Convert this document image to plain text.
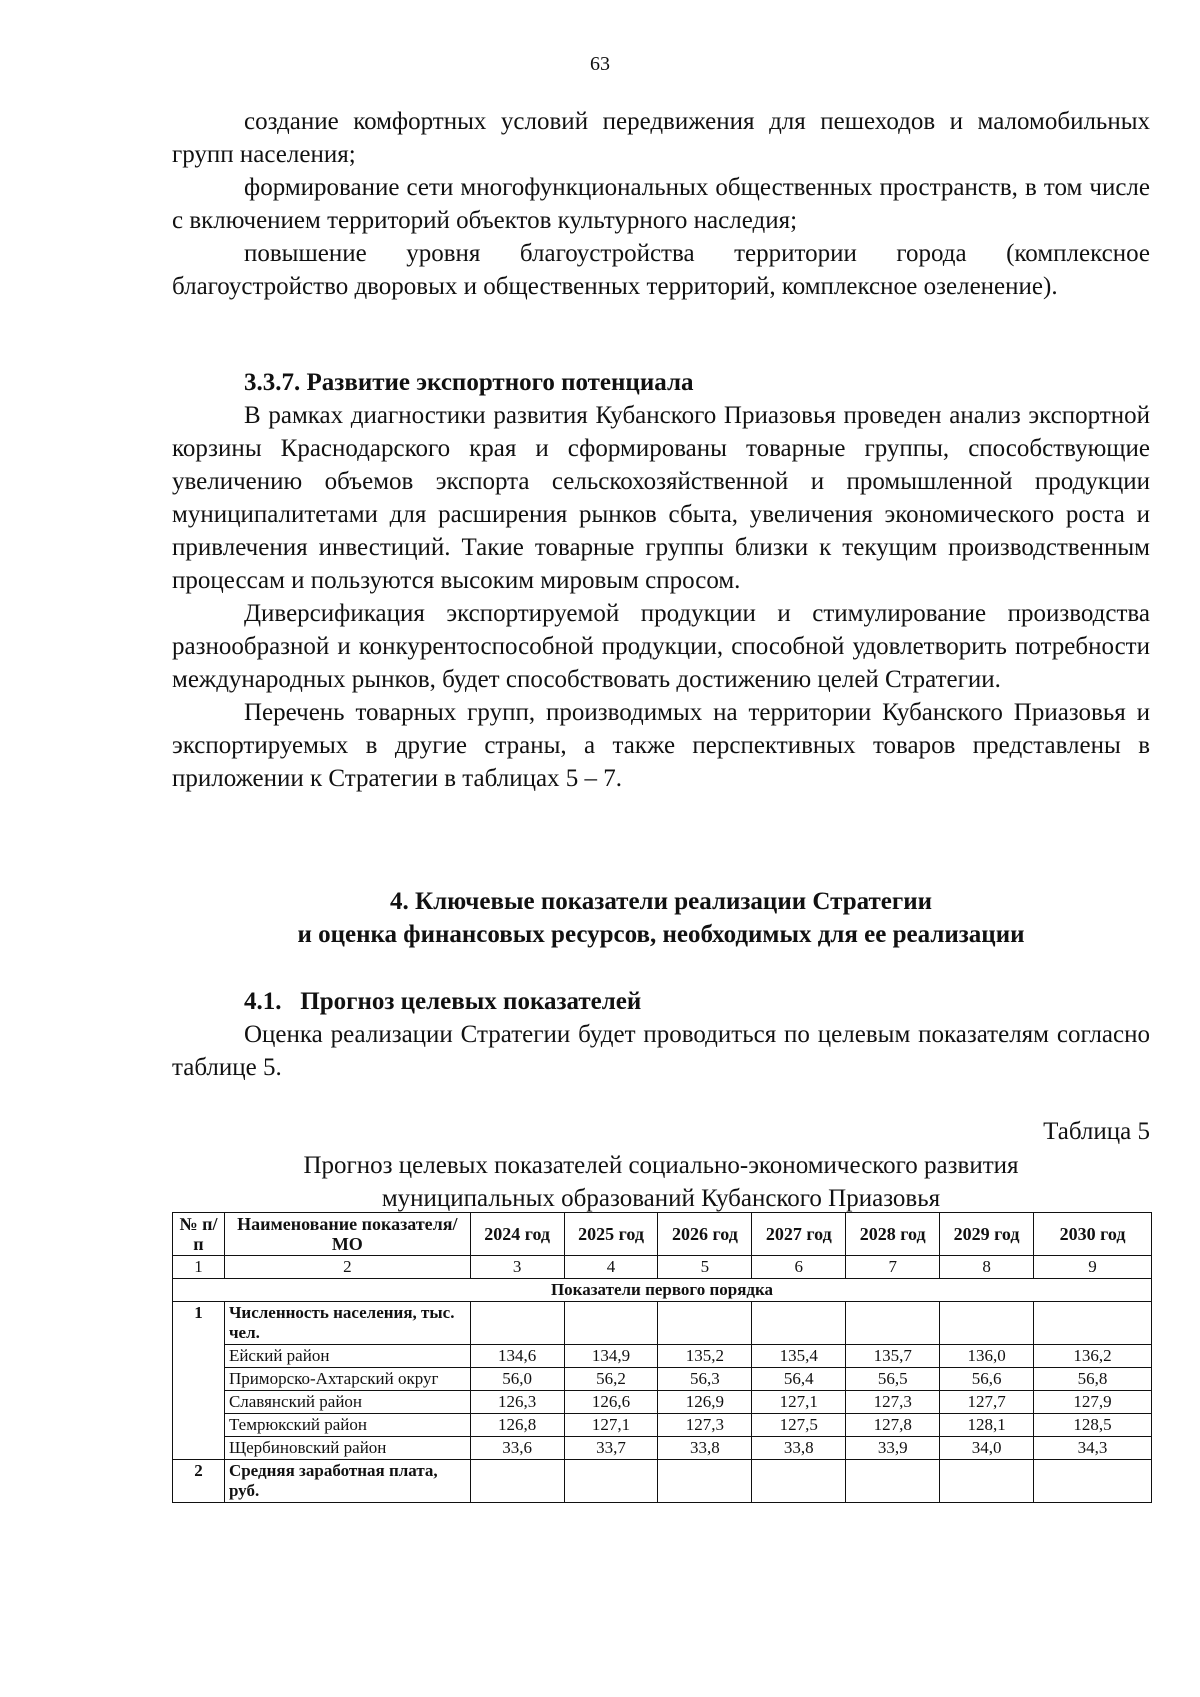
63

создание комфортных условий передвижения для пешеходов и маломобильных групп населения;

формирование сети многофункциональных общественных пространств, в том числе с включением территорий объектов культурного наследия;

повышение уровня благоустройства территории города (комплексное благоустройство дворовых и общественных территорий, комплексное озеленение).

3.3.7. Развитие экспортного потенциала

В рамках диагностики развития Кубанского Приазовья проведен анализ экспортной корзины Краснодарского края и сформированы товарные группы, способствующие увеличению объемов экспорта сельскохозяйственной и промышленной продукции муниципалитетами для расширения рынков сбыта, увеличения экономического роста и привлечения инвестиций. Такие товарные группы близки к текущим производственным процессам и пользуются высоким мировым спросом.

Диверсификация экспортируемой продукции и стимулирование производства разнообразной и конкурентоспособной продукции, способной удовлетворить потребности международных рынков, будет способствовать достижению целей Стратегии.

Перечень товарных групп, производимых на территории Кубанского Приазовья и экспортируемых в другие страны, а также перспективных товаров представлены в приложении к Стратегии в таблицах 5 – 7.

4. Ключевые показатели реализации Стратегии

и оценка финансовых ресурсов, необходимых для ее реализации

4.1.   Прогноз целевых показателей

Оценка реализации Стратегии будет проводиться по целевым показателям согласно таблице 5.

Таблица 5
Прогноз целевых показателей социально-экономического развития
муниципальных образований Кубанского Приазовья
№ п/п	Наименование показателя/МО	2024 год	2025 год	2026 год	2027 год	2028 год	2029 год	2030 год
1	2	3	4	5	6	7	8	9
Показатели первого порядка								
1	Численность населения, тыс. чел.							
	Ейский район	134,6	134,9	135,2	135,4	135,7	136,0	136,2
	Приморско-Ахтарский округ	56,0	56,2	56,3	56,4	56,5	56,6	56,8
	Славянский район	126,3	126,6	126,9	127,1	127,3	127,7	127,9
	Темрюкский район	126,8	127,1	127,3	127,5	127,8	128,1	128,5
	Щербиновский район	33,6	33,7	33,8	33,8	33,9	34,0	34,3
2	Средняя заработная плата, руб.							
